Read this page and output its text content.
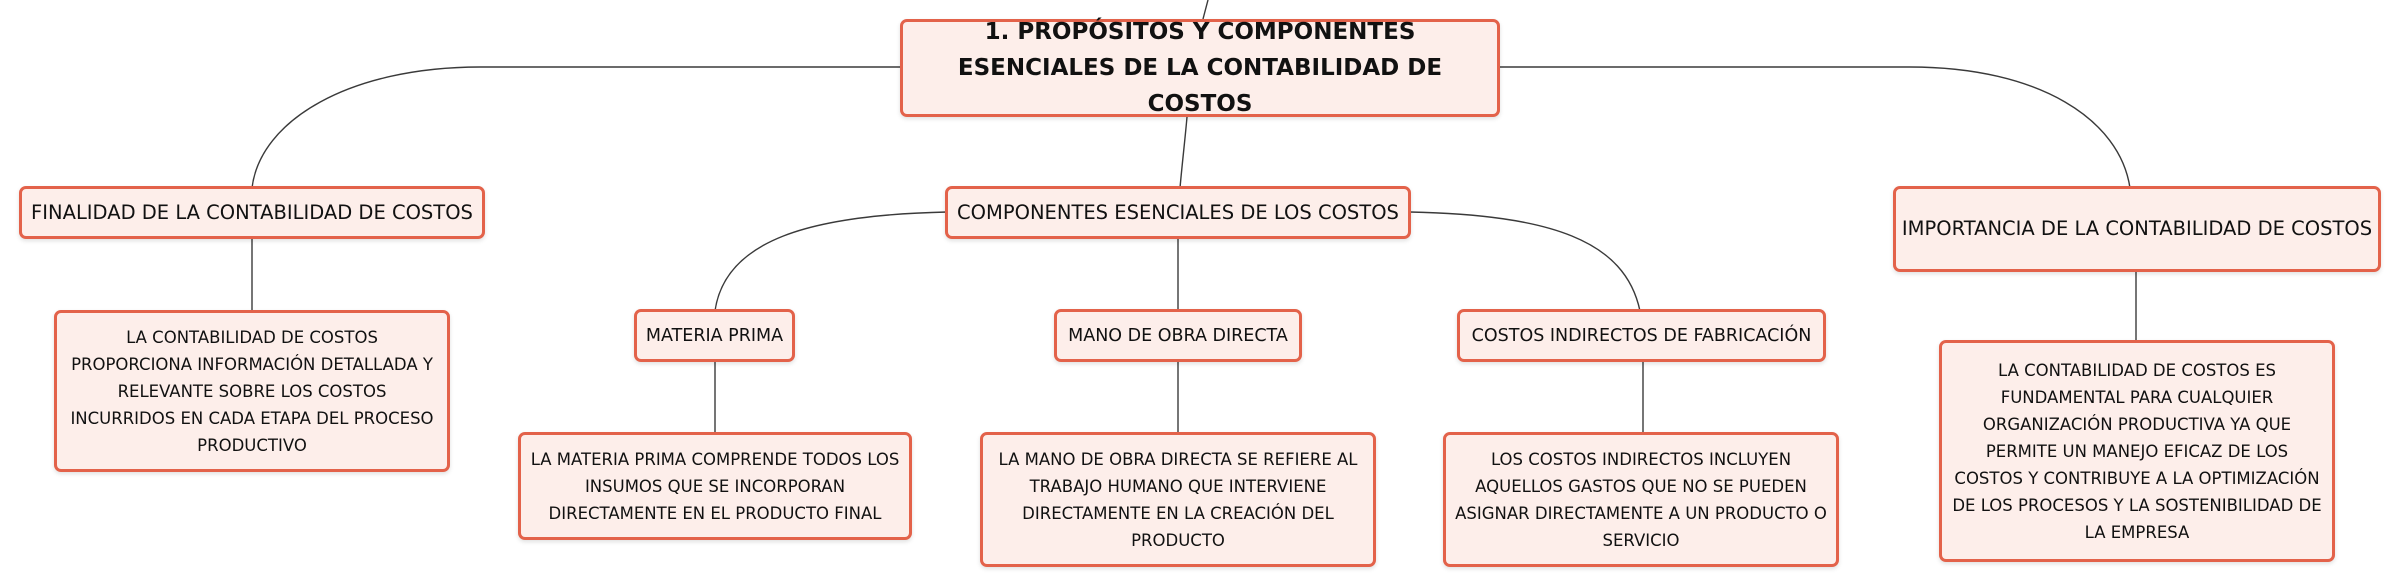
1. PROPÓSITOS Y COMPONENTES ESENCIALES DE LA CONTABILIDAD DE COSTOS
FINALIDAD DE LA CONTABILIDAD DE COSTOS
LA CONTABILIDAD DE COSTOS PROPORCIONA INFORMACIÓN DETALLADA Y RELEVANTE SOBRE LOS COSTOS INCURRIDOS EN CADA ETAPA DEL PROCESO PRODUCTIVO
COMPONENTES ESENCIALES DE LOS COSTOS
MATERIA PRIMA
LA MATERIA PRIMA COMPRENDE TODOS LOS INSUMOS QUE SE INCORPORAN DIRECTAMENTE EN EL PRODUCTO FINAL
MANO DE OBRA DIRECTA
LA MANO DE OBRA DIRECTA SE REFIERE AL TRABAJO HUMANO QUE INTERVIENE DIRECTAMENTE EN LA CREACIÓN DEL PRODUCTO
COSTOS INDIRECTOS DE FABRICACIÓN
LOS COSTOS INDIRECTOS INCLUYEN AQUELLOS GASTOS QUE NO SE PUEDEN ASIGNAR DIRECTAMENTE A UN PRODUCTO O SERVICIO
IMPORTANCIA DE LA CONTABILIDAD DE COSTOS
LA CONTABILIDAD DE COSTOS ES FUNDAMENTAL PARA CUALQUIER ORGANIZACIÓN PRODUCTIVA YA QUE PERMITE UN MANEJO EFICAZ DE LOS COSTOS Y CONTRIBUYE A LA OPTIMIZACIÓN DE LOS PROCESOS Y LA SOSTENIBILIDAD DE LA EMPRESA
